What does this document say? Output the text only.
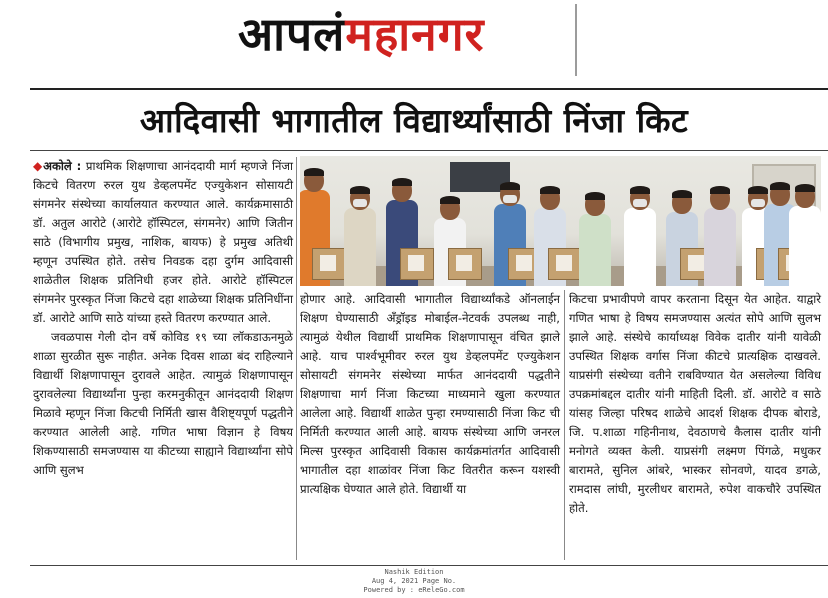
आपलंमहानगर
आदिवासी भागातील विद्यार्थ्यांसाठी निंजा किट
◆अकोले : प्राथमिक शिक्षणाचा आनंददायी मार्ग म्हणजे निंजा किटचे वितरण रुरल युथ डेव्हलपमेंट एज्युकेशन सोसायटी संगमनेर संस्थेच्या कार्यालयात करण्यात आले. कार्यक्रमासाठी डॉ. अतुल आरोटे (आरोटे हॉस्पिटल, संगमनेर) आणि जितीन साठे (विभागीय प्रमुख, नाशिक, बायफ) हे प्रमुख अतिथी म्हणून उपस्थित होते. तसेच निवडक दहा दुर्गम आदिवासी शाळेतील शिक्षक प्रतिनिधी हजर होते. आरोटे हॉस्पिटल संगमनेर पुरस्कृत निंजा किटचे दहा शाळेच्या शिक्षक प्रतिनिधींना डॉ. आरोटे आणि साठे यांच्या हस्ते वितरण करण्यात आले.
जवळपास गेली दोन वर्षे कोविड १९ च्या लॉकडाऊनमुळे शाळा सुरळीत सुरू नाहीत. अनेक दिवस शाळा बंद राहिल्याने विद्यार्थी शिक्षणापासून दुरावले आहेत. त्यामुळं शिक्षणापासून दुरावलेल्या विद्यार्थ्यांना पुन्हा करमनुकीतून आनंददायी शिक्षण मिळावे म्हणून निंजा किटची निर्मिती खास वैशिष्ट्यपूर्ण पद्धतीने करण्यात आलेली आहे. गणित भाषा विज्ञान हे विषय शिकण्यासाठी समजण्यास या कीटच्या साह्याने विद्यार्थ्यांना सोपे आणि सुलभ
होणार आहे. आदिवासी भागातील विद्यार्थ्यांकडे ऑनलाईन शिक्षण घेण्यासाठी अँड्रॉइड मोबाईल-नेटवर्क उपलब्ध नाही, त्यामुळं येथील विद्यार्थी प्राथमिक शिक्षणापासून वंचित झाले आहे. याच पार्श्वभूमीवर रुरल युथ डेव्हलपमेंट एज्युकेशन सोसायटी संगमनेर संस्थेच्या मार्फत आनंददायी पद्धतीने शिक्षणाचा मार्ग निंजा किटच्या माध्यमाने खुला करण्यात आलेला आहे. विद्यार्थी शाळेत पुन्हा रमण्यासाठी निंजा किट ची निर्मिती करण्यात आली आहे. बायफ संस्थेच्या आणि जनरल मिल्स पुरस्कृत आदिवासी विकास कार्यक्रमांतर्गत आदिवासी भागातील दहा शाळांवर निंजा किट वितरीत करून यशस्वी प्रात्यक्षिक घेण्यात आले होते. विद्यार्थी या
किटचा प्रभावीपणे वापर करताना दिसून येत आहेत. याद्वारे गणित भाषा हे विषय समजण्यास अत्यंत सोपे आणि सुलभ झाले आहे. संस्थेचे कार्याध्यक्ष विवेक दातीर यांनी यावेळी उपस्थित शिक्षक वर्गास निंजा कीटचे प्रात्यक्षिक दाखवले. याप्रसंगी संस्थेच्या वतीने राबविण्यात येत असलेल्या विविध उपक्रमांबद्दल दातीर यांनी माहिती दिली. डॉ. आरोटे व साठे यांसह जिल्हा परिषद शाळेचे आदर्श शिक्षक दीपक बोराडे, जि. प.शाळा गहिनीनाथ, देवठाणचे कैलास दातीर यांनी मनोगते व्यक्त केली. याप्रसंगी लक्ष्मण पिंगळे, मधुकर बारामते, सुनिल आंबरे, भास्कर सोनवणे, यादव डगळे, रामदास लांघी, मुरलीधर बारामते, रुपेश वाकचौरे उपस्थित होते.
Nashik Edition
Aug 4, 2021 Page No.
Powered by : eReleGo.com
